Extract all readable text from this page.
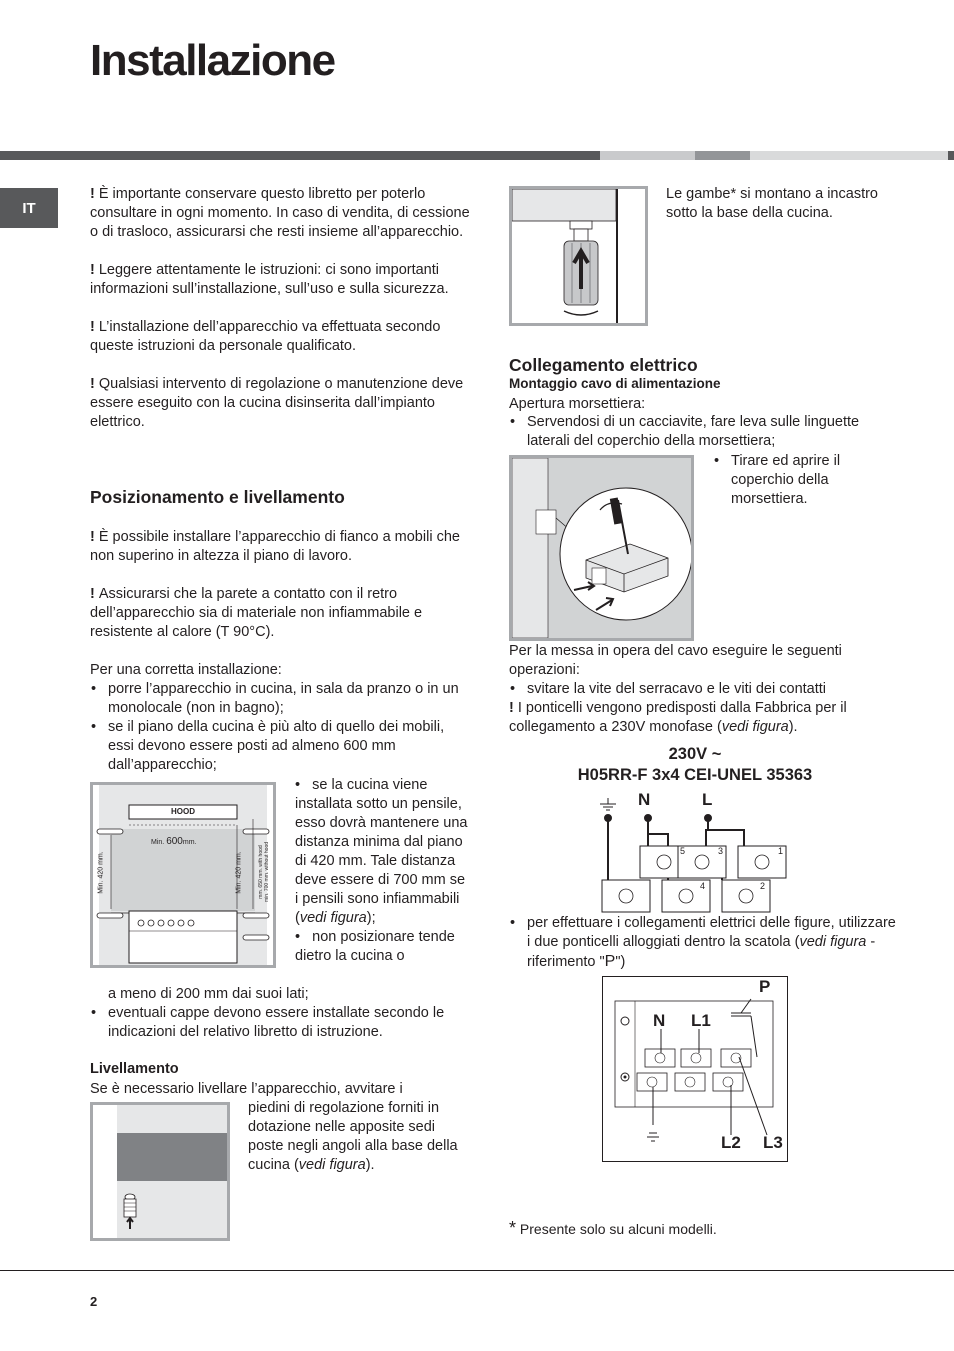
Installazione
IT

! È importante conservare questo libretto per poterlo consultare in ogni momento. In caso di vendita, di cessione o di trasloco, assicurarsi che resti insieme all’apparecchio.

! Leggere attentamente le istruzioni: ci sono importanti informazioni sull’installazione, sull’uso e sulla sicurezza.

! L’installazione dell’apparecchio va effettuata secondo queste istruzioni da personale qualificato.

! Qualsiasi intervento di regolazione o manutenzione deve essere eseguito con la cucina disinserita dall’impianto elettrico.

Posizionamento e livellamento

! È possibile installare l’apparecchio di fianco a mobili che non superino in altezza il piano di lavoro.

! Assicurarsi che la parete a contatto con il retro dell’apparecchio sia di materiale non infiammabile e resistente al calore (T 90°C).

Per una corretta installazione:

• porre l’apparecchio in cucina, in sala da pranzo o in un monolocale (non in bagno);
• se il piano della cucina è più alto di quello dei mobili, essi devono essere posti ad almeno 600 mm dall’apparecchio;
HOOD
Min. 600mm.
Min. 420 mm.	Min. 420 mm.	mm. 650 mm. with hood min. 700 mm. without hood

•   se la cucina viene installata sotto un pensile, esso dovrà mantenere una distanza minima dal piano di 420 mm. Tale distanza deve essere di 700 mm se i pensili sono infiammabili (vedi figura);

•   non posizionare tende dietro la cucina o

a meno di 200 mm dai suoi lati;

• eventuali cappe devono essere installate secondo le indicazioni del relativo libretto di istruzione.
Livellamento

Se è necessario livellare l’apparecchio, avvitare i

piedini di regolazione forniti in dotazione nelle apposite sedi poste negli angoli alla base della cucina (vedi figura).

Le gambe* si montano a incastro sotto la base della cucina.

Collegamento elettrico
Montaggio cavo di alimentazione

Apertura morsettiera:

• Servendosi di un cacciavite, fare leva sulle linguette laterali del coperchio della morsettiera;
• Tirare ed aprire il coperchio della morsettiera.

Per la messa in opera del cavo eseguire le seguenti operazioni:

• svitare la vite del serracavo e le viti dei contatti

! I ponticelli vengono predisposti dalla Fabbrica per il collegamento a 230V monofase (vedi figura).

230V ~
H05RR-F 3x4 CEI-UNEL 35363
N	L
5	3	1
4	2
• per effettuare i collegamenti elettrici delle figure, utilizzare i due ponticelli alloggiati dentro la scatola (vedi figura - riferimento "P")
P
N L1
L2 L3
* Presente solo su alcuni modelli.
2
